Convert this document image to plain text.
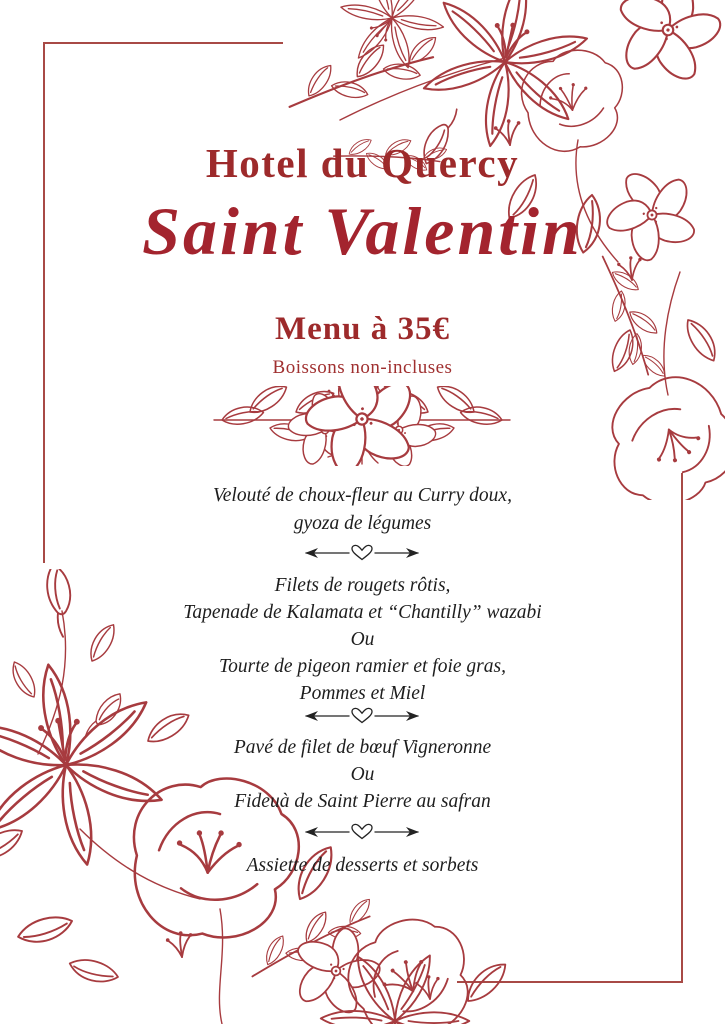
Hotel du Quercy
Saint Valentin
Menu à 35€
Boissons non-incluses
Velouté de choux-fleur au Curry doux,
gyoza de légumes
Filets de rougets rôtis,
Tapenade de Kalamata et “Chantilly” wazabi
Ou
Tourte de pigeon ramier et foie gras,
Pommes et Miel
Pavé de filet de bœuf Vigneronne
Ou
Fideuà de Saint Pierre au safran
Assiette de desserts et sorbets
